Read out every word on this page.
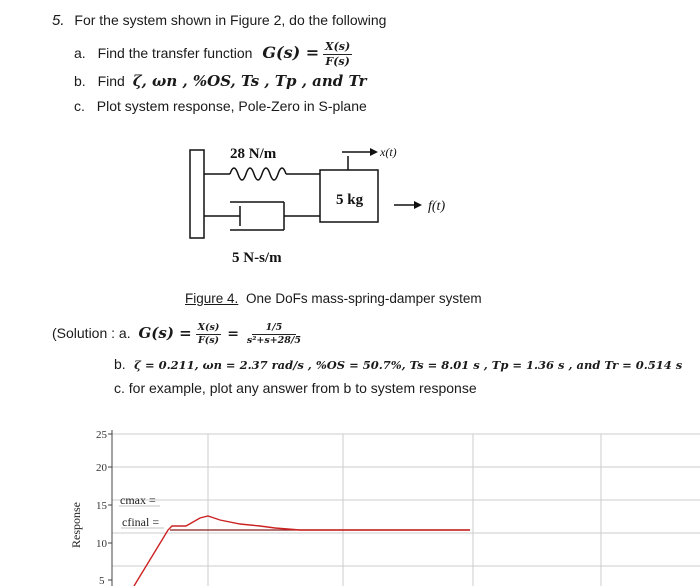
5. For the system shown in Figure 2, do the following
a. Find the transfer function $G(s) = \frac{X(s)}{F(s)}$
b. Find ζ, ωn , %OS, Ts , Tp , and Tr
c. Plot system response, Pole-Zero in S-plane
28 N/m
5 N-s/m
5 kg
x(t)
f(t)
Figure 4. One DoFs mass-spring-damper system
(Solution : a. $G(s) = \frac{X(s)}{F(s)} = \frac{1/5}{\text{s²+s+28/5}}$
b. ζ = 0.211, ωn = 2.37 rad/s , %OS = 50.7%, Ts = 8.01 s , Tp = 1.36 s , and Tr = 0.514 s
c. for example, plot any answer from b to system response
Response
25
20
15
10
5
cmax =
cfinal =
